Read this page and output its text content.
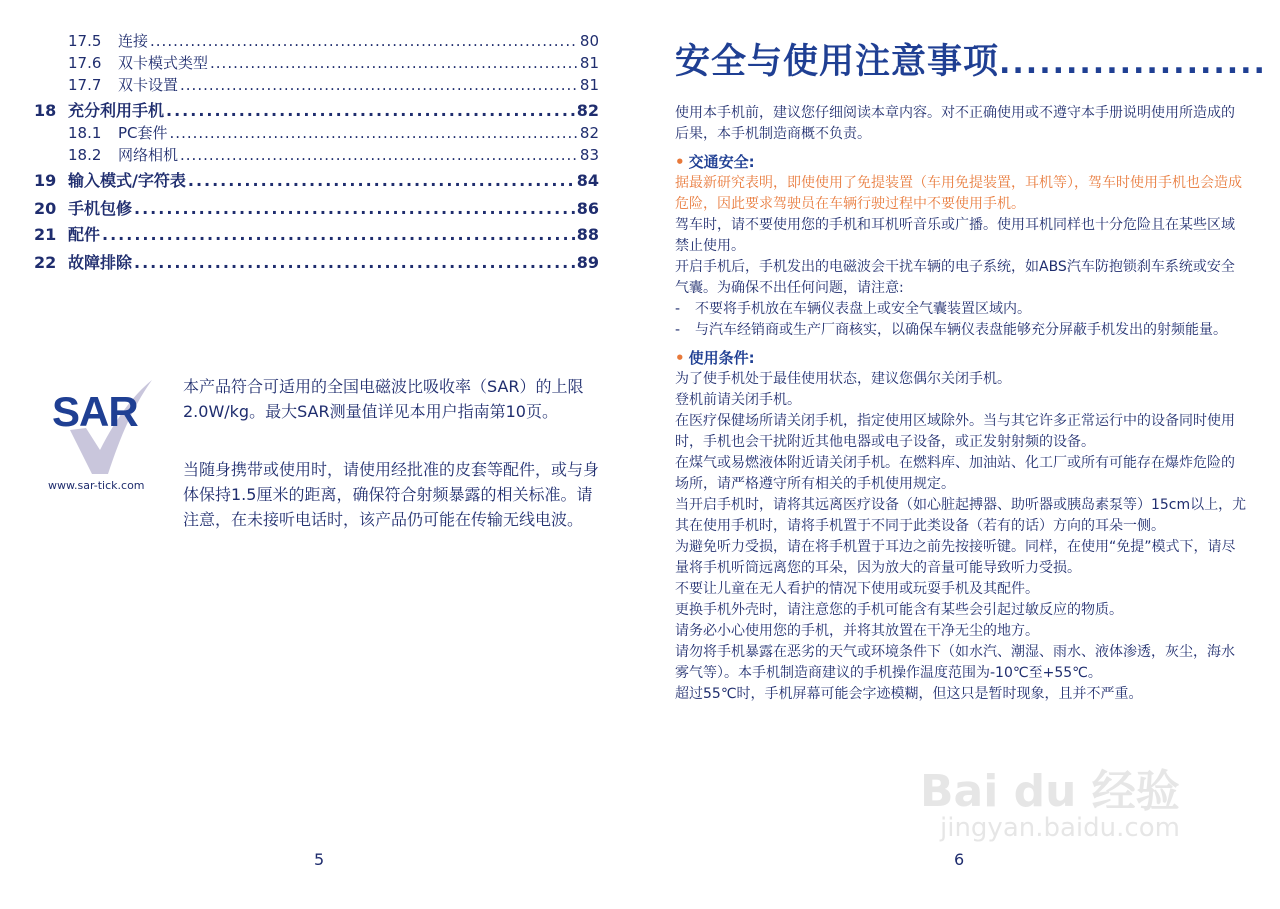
17.5	连接 .....	80
17.6	双卡模式类型 .....	81
17.7	双卡设置 .....	81
18 充分利用手机 .....	82
18.1	PC套件 .....	82
18.2	网络相机 .....	83
19 输入模式/字符表 .....	84
20 手机包修 .....	86
21 配件 .....	88
22 故障排除 .....	89
SAR
www.sar-tick.com

本产品符合可适用的全国电磁波比吸收率（SAR）的上限2.0W/kg。最大SAR测量值详见本用户指南第10页。

当随身携带或使用时，请使用经批准的皮套等配件，或与身体保持1.5厘米的距离，确保符合射频暴露的相关标准。请注意，在未接听电话时，该产品仍可能在传输无线电波。

5
安全与使用注意事项....................

使用本手机前，建议您仔细阅读本章内容。对不正确使用或不遵守本手册说明使用所造成的后果，本手机制造商概不负责。

• 交通安全:

据最新研究表明，即使使用了免提装置（车用免提装置，耳机等），驾车时使用手机也会造成危险，因此要求驾驶员在车辆行驶过程中不要使用手机。

驾车时，请不要使用您的手机和耳机听音乐或广播。使用耳机同样也十分危险且在某些区域禁止使用。

开启手机后，手机发出的电磁波会干扰车辆的电子系统，如ABS汽车防抱锁刹车系统或安全气囊。为确保不出任何问题，请注意:

-	不要将手机放在车辆仪表盘上或安全气囊装置区域内。
-	与汽车经销商或生产厂商核实，以确保车辆仪表盘能够充分屏蔽手机发出的射频能量。

• 使用条件:

为了使手机处于最佳使用状态，建议您偶尔关闭手机。

登机前请关闭手机。

在医疗保健场所请关闭手机，指定使用区域除外。当与其它许多正常运行中的设备同时使用时，手机也会干扰附近其他电器或电子设备，或正发射射频的设备。

在煤气或易燃液体附近请关闭手机。在燃料库、加油站、化工厂或所有可能存在爆炸危险的场所，请严格遵守所有相关的手机使用规定。

当开启手机时，请将其远离医疗设备（如心脏起搏器、助听器或胰岛素泵等）15cm以上，尤其在使用手机时，请将手机置于不同于此类设备（若有的话）方向的耳朵一侧。

为避免听力受损，请在将手机置于耳边之前先按接听键。同样，在使用“免提”模式下，请尽量将手机听筒远离您的耳朵，因为放大的音量可能导致听力受损。

不要让儿童在无人看护的情况下使用或玩耍手机及其配件。

更换手机外壳时，请注意您的手机可能含有某些会引起过敏反应的物质。

请务必小心使用您的手机，并将其放置在干净无尘的地方。

请勿将手机暴露在恶劣的天气或环境条件下（如水汽、潮湿、雨水、液体渗透，灰尘，海水雾气等）。本手机制造商建议的手机操作温度范围为-10℃至+55℃。

超过55℃时，手机屏幕可能会字迹模糊，但这只是暂时现象，且并不严重。

6
Bai du 经验
jingyan.baidu.com
